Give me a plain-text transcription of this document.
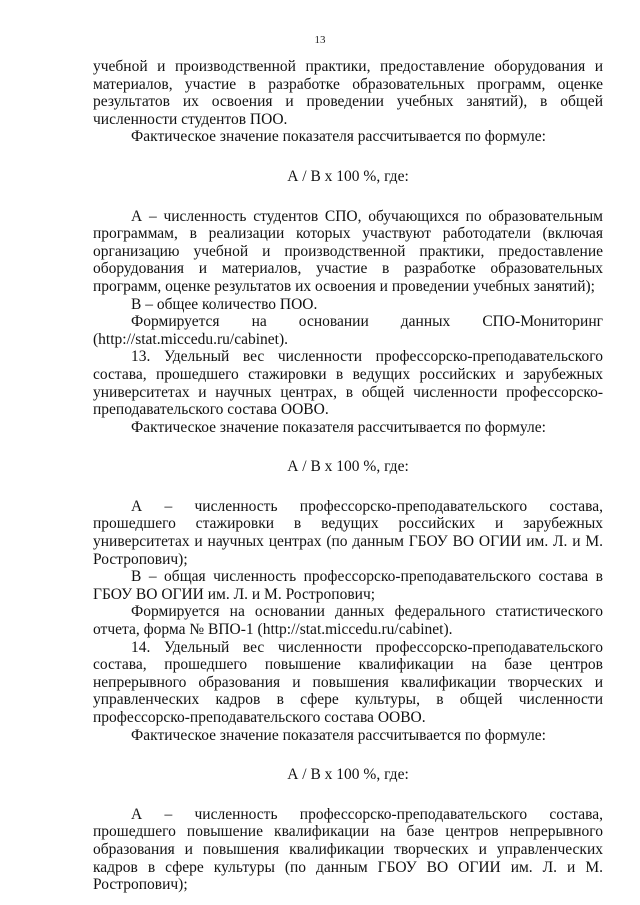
13

учебной и производственной практики, предоставление оборудования и материалов, участие в разработке образовательных программ, оценке результатов их освоения и проведении учебных занятий), в общей численности студентов ПОО.

Фактическое значение показателя рассчитывается по формуле:

А / В х 100 %, где:

А – численность студентов СПО, обучающихся по образовательным программам, в реализации которых участвуют работодатели (включая организацию учебной и производственной практики, предоставление оборудования и материалов, участие в разработке образовательных программ, оценке результатов их освоения и проведении учебных занятий);

В – общее количество ПОО.

Формируется на основании данных СПО-Мониторинг (http://stat.miccedu.ru/cabinet).

13. Удельный вес численности профессорско-преподавательского состава, прошедшего стажировки в ведущих российских и зарубежных университетах и научных центрах, в общей численности профессорско-преподавательского состава ООВО.

Фактическое значение показателя рассчитывается по формуле:

А / В х 100 %, где:

А – численность профессорско-преподавательского состава, прошедшего стажировки в ведущих российских и зарубежных университетах и научных центрах (по данным ГБОУ ВО ОГИИ им. Л. и М. Ростропович);

В – общая численность профессорско-преподавательского состава в ГБОУ ВО ОГИИ им. Л. и М. Ростропович;

Формируется на основании данных федерального статистического отчета, форма № ВПО-1 (http://stat.miccedu.ru/cabinet).

14. Удельный вес численности профессорско-преподавательского состава, прошедшего повышение квалификации на базе центров непрерывного образования и повышения квалификации творческих и управленческих кадров в сфере культуры, в общей численности профессорско-преподавательского состава ООВО.

Фактическое значение показателя рассчитывается по формуле:

А / В х 100 %, где:

А – численность профессорско-преподавательского состава, прошедшего повышение квалификации на базе центров непрерывного образования и повышения квалификации творческих и управленческих кадров в сфере культуры (по данным ГБОУ ВО ОГИИ им. Л. и М. Ростропович);
